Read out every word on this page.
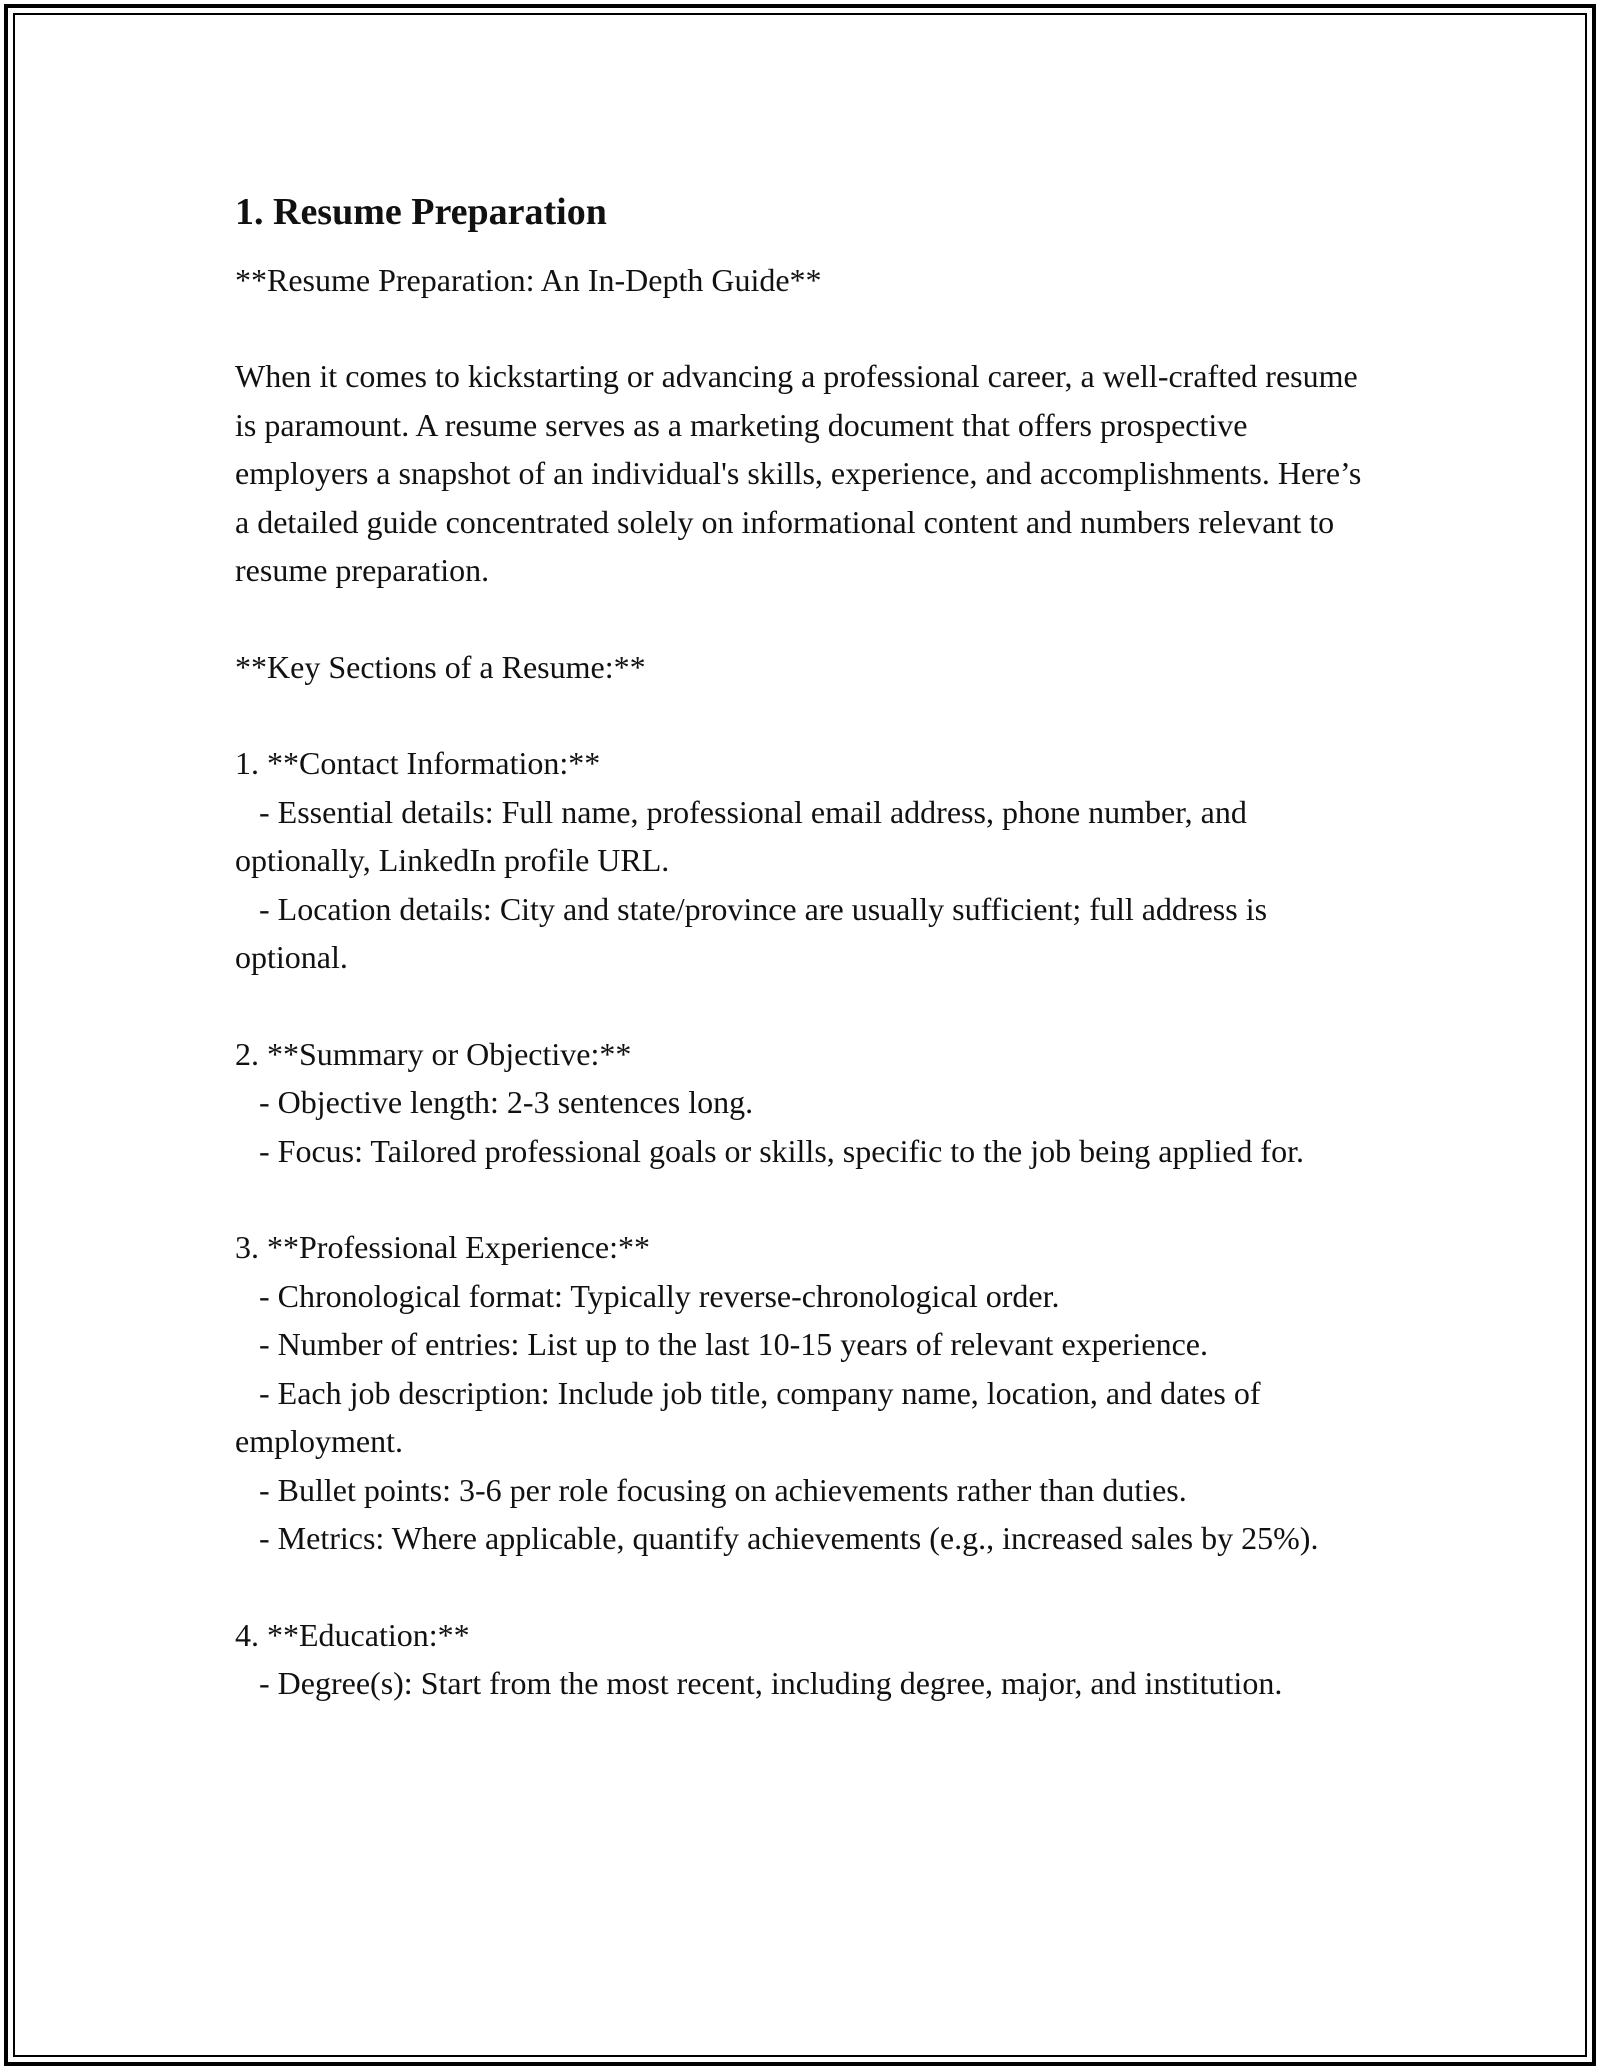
1. Resume Preparation

**Resume Preparation: An In-Depth Guide**

When it comes to kickstarting or advancing a professional career, a well-crafted resume is paramount. A resume serves as a marketing document that offers prospective employers a snapshot of an individual's skills, experience, and accomplishments. Here’s a detailed guide concentrated solely on informational content and numbers relevant to resume preparation.

**Key Sections of a Resume:**

1. **Contact Information:**

- Essential details: Full name, professional email address, phone number, and optionally, LinkedIn profile URL.

- Location details: City and state/province are usually sufficient; full address is optional.

2. **Summary or Objective:**

- Objective length: 2-3 sentences long.

- Focus: Tailored professional goals or skills, specific to the job being applied for.

3. **Professional Experience:**

- Chronological format: Typically reverse-chronological order.

- Number of entries: List up to the last 10-15 years of relevant experience.

- Each job description: Include job title, company name, location, and dates of employment.

- Bullet points: 3-6 per role focusing on achievements rather than duties.

- Metrics: Where applicable, quantify achievements (e.g., increased sales by 25%).

4. **Education:**

- Degree(s): Start from the most recent, including degree, major, and institution.
